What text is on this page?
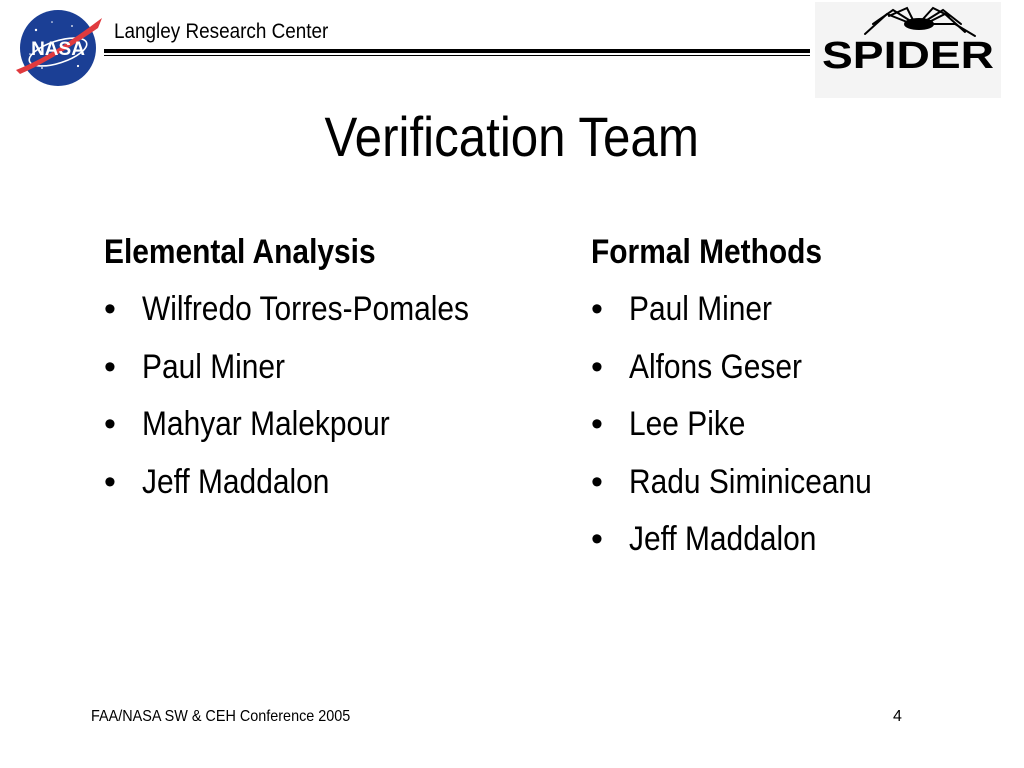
NASA
Langley Research Center
SPIDER
Verification Team
Elemental Analysis
• Wilfredo Torres-Pomales
• Paul Miner
• Mahyar Malekpour
• Jeff Maddalon
Formal Methods
• Paul Miner
• Alfons Geser
• Lee Pike
• Radu Siminiceanu
• Jeff Maddalon
FAA/NASA SW & CEH Conference 2005	4
